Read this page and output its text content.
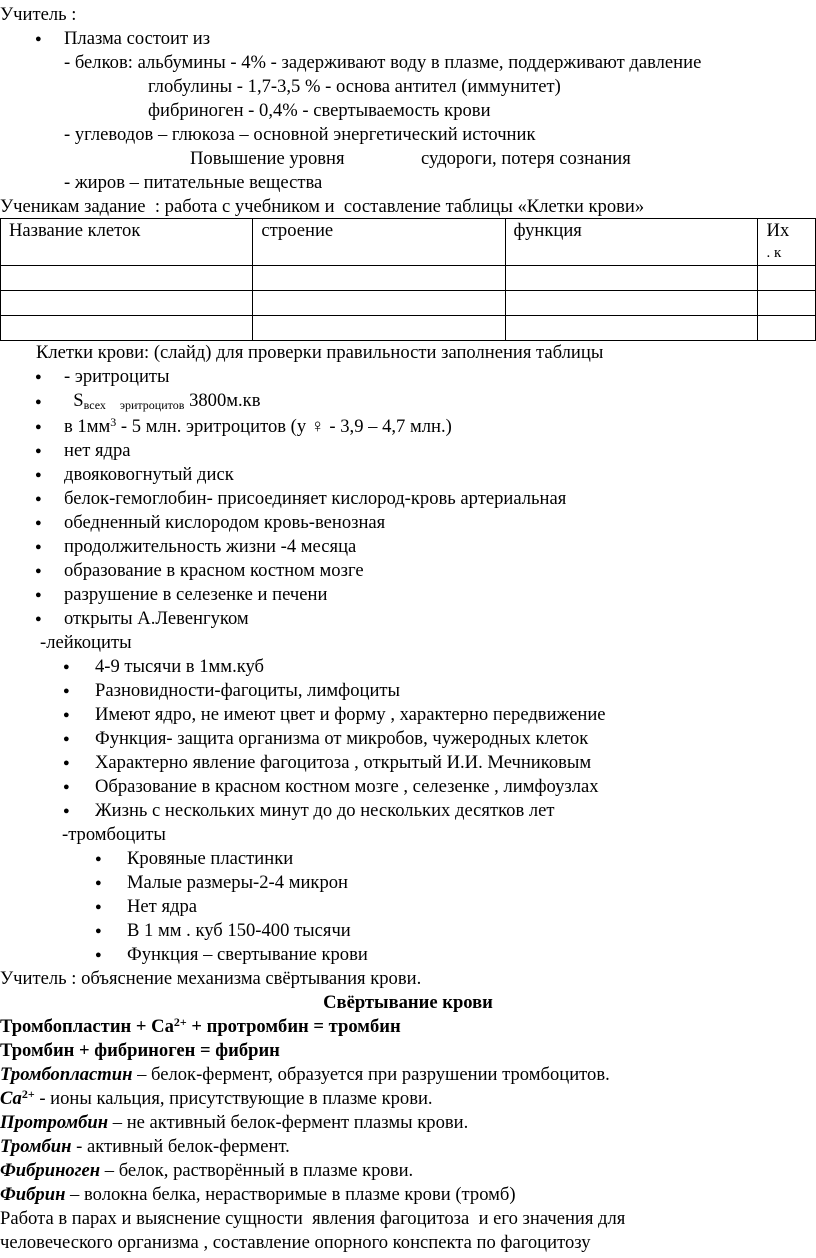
Учитель :
● Плазма состоит из
- белков: альбумины - 4% - задерживают воду в плазме, поддерживают давление
глобулины - 1,7-3,5 % - основа антител (иммунитет)
фибриноген - 0,4% - свертываемость крови
- углеводов – глюкоза – основной энергетический источник
Повышение уровня	судороги, потеря сознания
- жиров – питательные вещества
Ученикам задание  : работа с учебником и  составление таблицы «Клетки крови»
Название клеток	строение	функция	Их
. к

Клетки крови: (слайд) для проверки правильности заполнения таблицы
● - эритроциты
●	$S_{всех}$ $_{эритроцитов}$ 3800м.кв
● в $1мм^3 - 5$ млн. эритроцитов (у ♀ - 3,9 – 4,7 млн.)
● нет ядра
● двояковогнутый диск
● белок-гемоглобин- присоединяет кислород-кровь артериальная
● обедненный кислородом кровь-венозная
● продолжительность жизни -4 месяца
● образование в красном костном мозге
● разрушение в селезенке и печени
● открыты А.Левенгуком
-лейкоциты
● 4-9 тысячи в 1мм.куб
● Разновидности-фагоциты, лимфоциты
● Имеют ядро, не имеют цвет и форму , характерно передвижение
● Функция- защита организма от микробов, чужеродных клеток
● Характерно явление фагоцитоза , открытый И.И. Мечниковым
● Образование в красном костном мозге , селезенке , лимфоузлах
● Жизнь с нескольких минут до до нескольких десятков лет
-тромбоциты
● Кровяные пластинки
● Малые размеры-2-4 микрон
● Нет ядра
● В 1 мм . куб 150-400 тысячи
● Функция – свертывание крови
Учитель : объяснение механизма свёртывания крови.
Свёртывание крови
Тромбопластин + $Са^{2+}$ + протромбин = тромбин
Тромбин + фибриноген = фибрин
Тромбопластин – белок-фермент, образуется при разрушении тромбоцитов.
$Са^{2+}$ - ионы кальция, присутствующие в плазме крови.
Протромбин – не активный белок-фермент плазмы крови.
Тромбин - активный белок-фермент.
Фибриноген – белок, растворённый в плазме крови.
Фибрин – волокна белка, нерастворимые в плазме крови (тромб)
Работа в парах и выяснение сущности  явления фагоцитоза  и его значения для
человеческого организма , составление опорного конспекта по фагоцитозу
